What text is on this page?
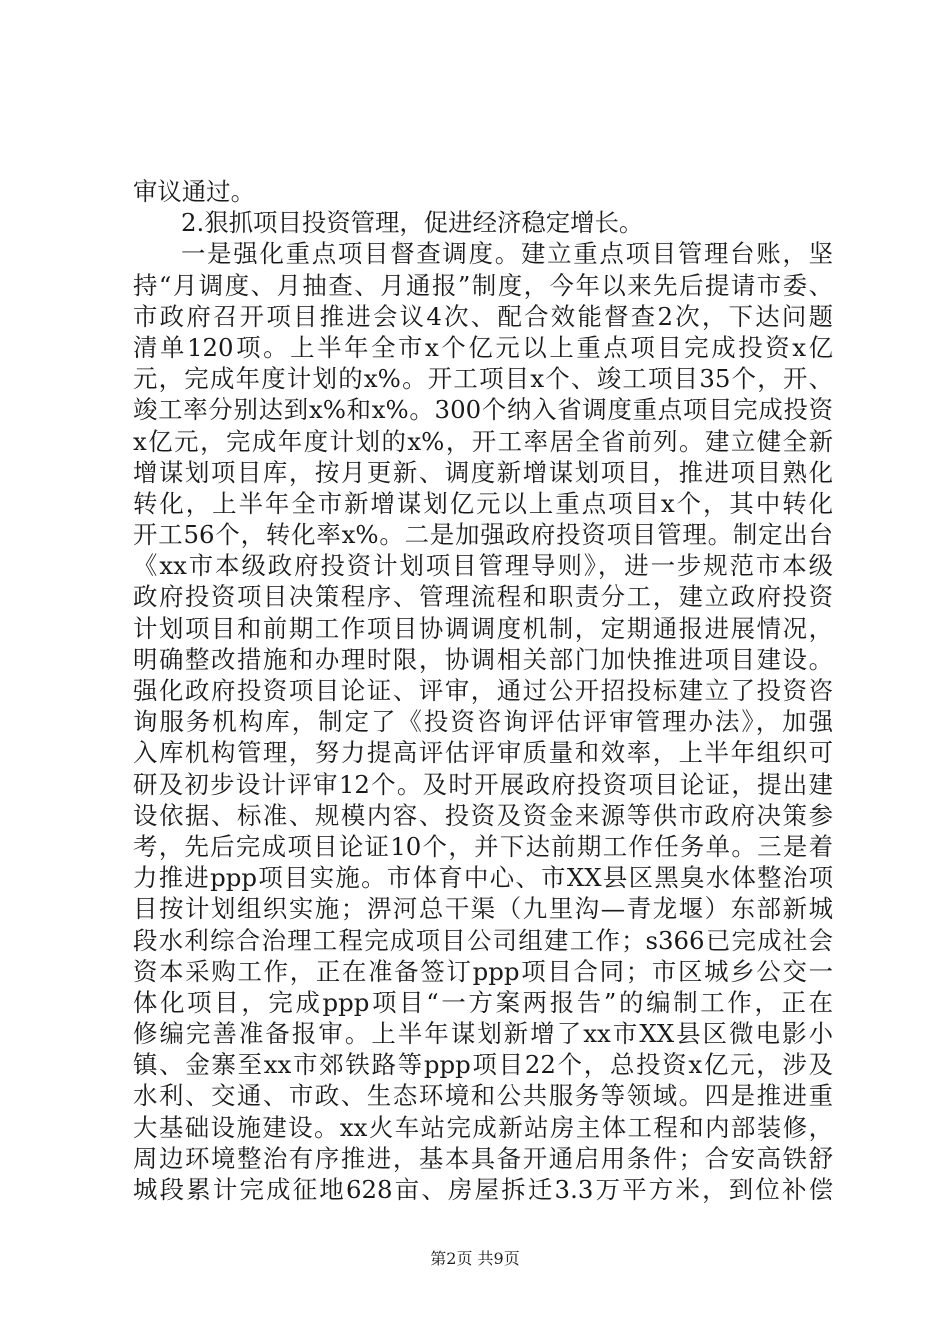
审议通过。
2.狠抓项目投资管理，促进经济稳定增长。
一是强化重点项目督查调度。建立重点项目管理台账，坚
持“月调度、月抽查、月通报”制度，今年以来先后提请市委、
市政府召开项目推进会议4次、配合效能督查2次，下达问题
清单120项。上半年全市x个亿元以上重点项目完成投资x亿
元，完成年度计划的x%。开工项目x个、竣工项目35个，开、
竣工率分别达到x%和x%。300个纳入省调度重点项目完成投资
x亿元，完成年度计划的x%，开工率居全省前列。建立健全新
增谋划项目库，按月更新、调度新增谋划项目，推进项目熟化
转化，上半年全市新增谋划亿元以上重点项目x个，其中转化
开工56个，转化率x%。二是加强政府投资项目管理。制定出台
《xx市本级政府投资计划项目管理导则》，进一步规范市本级
政府投资项目决策程序、管理流程和职责分工，建立政府投资
计划项目和前期工作项目协调调度机制，定期通报进展情况，
明确整改措施和办理时限，协调相关部门加快推进项目建设。
强化政府投资项目论证、评审，通过公开招投标建立了投资咨
询服务机构库，制定了《投资咨询评估评审管理办法》，加强
入库机构管理，努力提高评估评审质量和效率，上半年组织可
研及初步设计评审12个。及时开展政府投资项目论证，提出建
设依据、标准、规模内容、投资及资金来源等供市政府决策参
考，先后完成项目论证10个，并下达前期工作任务单。三是着
力推进ppp项目实施。市体育中心、市XX县区黑臭水体整治项
目按计划组织实施；淠河总干渠（九里沟—青龙堰）东部新城
段水利综合治理工程完成项目公司组建工作；s366已完成社会
资本采购工作，正在准备签订ppp项目合同；市区城乡公交一
体化项目，完成ppp项目“一方案两报告”的编制工作，正在
修编完善准备报审。上半年谋划新增了xx市XX县区微电影小
镇、金寨至xx市郊铁路等ppp项目22个，总投资x亿元，涉及
水利、交通、市政、生态环境和公共服务等领域。四是推进重
大基础设施建设。xx火车站完成新站房主体工程和内部装修，
周边环境整治有序推进，基本具备开通启用条件；合安高铁舒
城段累计完成征地628亩、房屋拆迁3.3万平方米，到位补偿
第2页 共9页
